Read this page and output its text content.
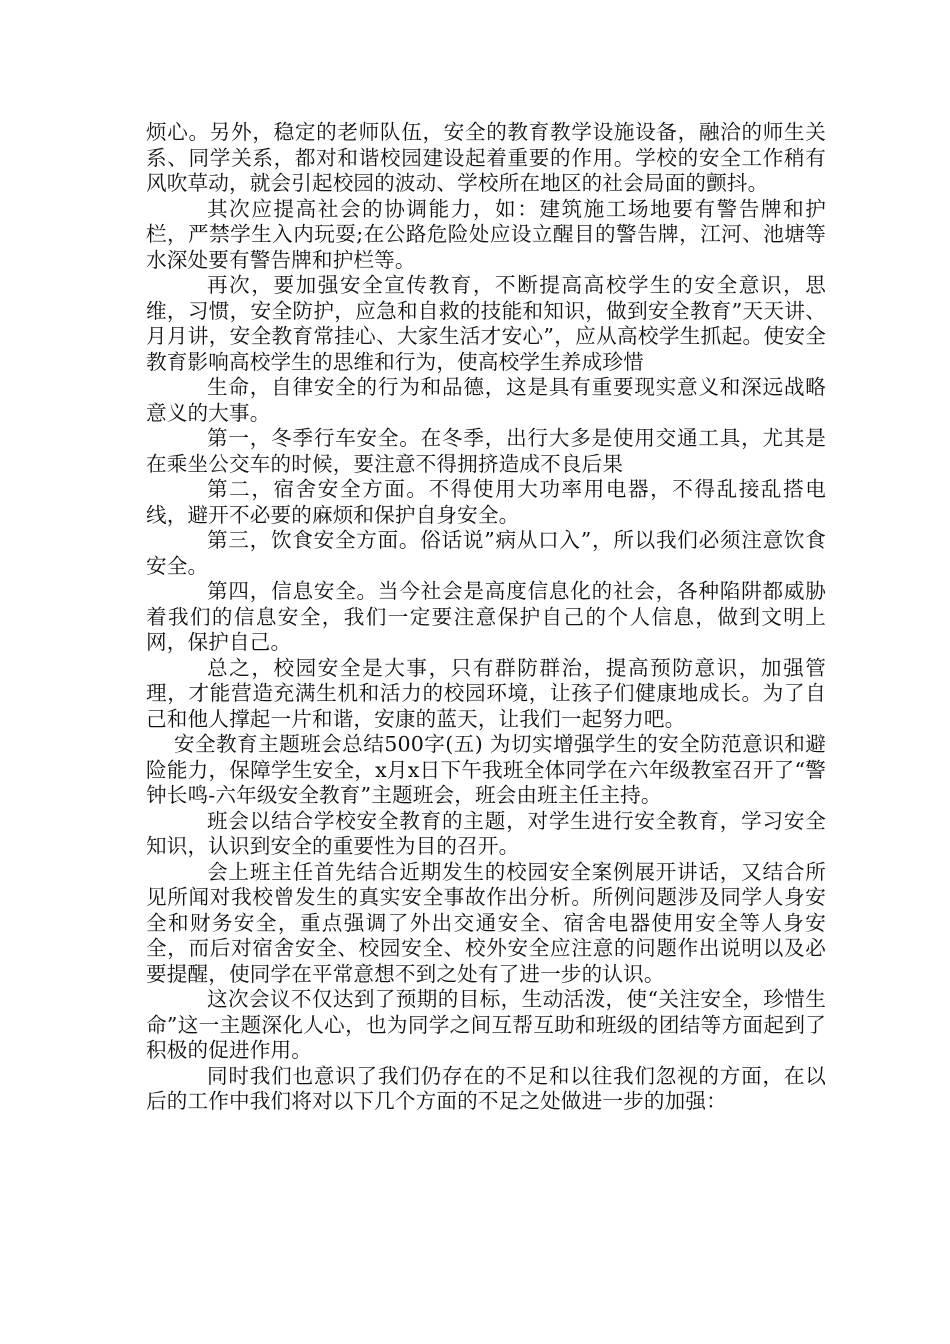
烦心。另外，稳定的老师队伍，安全的教育教学设施设备，融洽的师生关系、同学关系，都对和谐校园建设起着重要的作用。学校的安全工作稍有风吹草动，就会引起校园的波动、学校所在地区的社会局面的颤抖。

其次应提高社会的协调能力，如：建筑施工场地要有警告牌和护栏，严禁学生入内玩耍;在公路危险处应设立醒目的警告牌，江河、池塘等水深处要有警告牌和护栏等。

再次，要加强安全宣传教育，不断提高高校学生的安全意识，思维，习惯，安全防护，应急和自救的技能和知识，做到安全教育”天天讲、月月讲，安全教育常挂心、大家生活才安心”，应从高校学生抓起。使安全教育影响高校学生的思维和行为，使高校学生养成珍惜

生命，自律安全的行为和品德，这是具有重要现实意义和深远战略意义的大事。

第一，冬季行车安全。在冬季，出行大多是使用交通工具，尤其是在乘坐公交车的时候，要注意不得拥挤造成不良后果

第二，宿舍安全方面。不得使用大功率用电器，不得乱接乱搭电线，避开不必要的麻烦和保护自身安全。

第三，饮食安全方面。俗话说”病从口入”，所以我们必须注意饮食安全。

第四，信息安全。当今社会是高度信息化的社会，各种陷阱都威胁着我们的信息安全，我们一定要注意保护自己的个人信息，做到文明上网，保护自己。

总之，校园安全是大事，只有群防群治，提高预防意识，加强管理，才能营造充满生机和活力的校园环境，让孩子们健康地成长。为了自己和他人撑起一片和谐，安康的蓝天，让我们一起努力吧。

安全教育主题班会总结500字(五) 为切实增强学生的安全防范意识和避险能力，保障学生安全，x月x日下午我班全体同学在六年级教室召开了“警钟长鸣-六年级安全教育”主题班会，班会由班主任主持。

班会以结合学校安全教育的主题，对学生进行安全教育，学习安全知识，认识到安全的重要性为目的召开。

会上班主任首先结合近期发生的校园安全案例展开讲话，又结合所见所闻对我校曾发生的真实安全事故作出分析。所例问题涉及同学人身安全和财务安全，重点强调了外出交通安全、宿舍电器使用安全等人身安全，而后对宿舍安全、校园安全、校外安全应注意的问题作出说明以及必要提醒，使同学在平常意想不到之处有了进一步的认识。

这次会议不仅达到了预期的目标，生动活泼，使“关注安全，珍惜生命”这一主题深化人心，也为同学之间互帮互助和班级的团结等方面起到了积极的促进作用。

同时我们也意识了我们仍存在的不足和以往我们忽视的方面，在以后的工作中我们将对以下几个方面的不足之处做进一步的加强：
